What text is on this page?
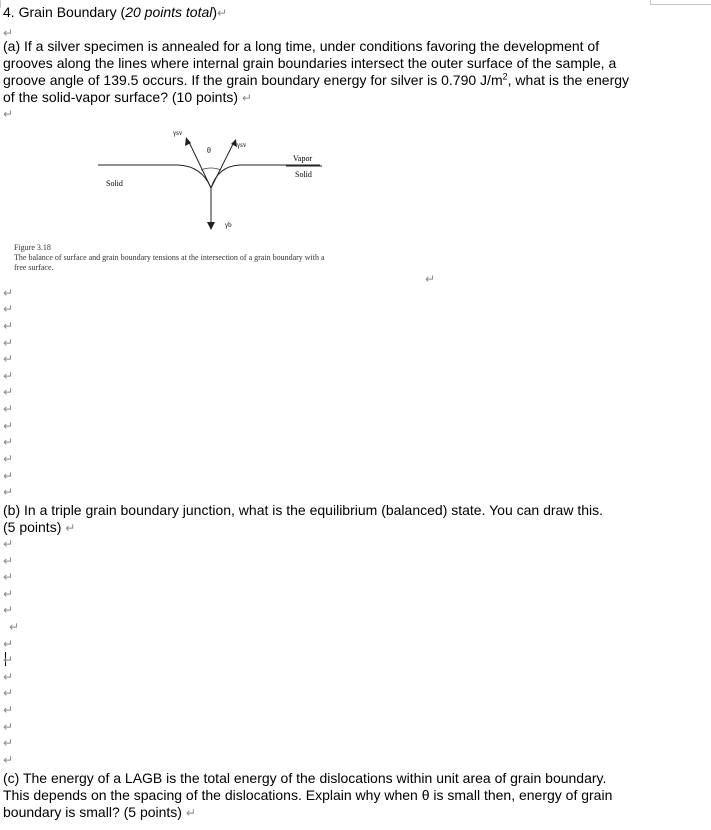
4. Grain Boundary (20 points total)↵
↵
(a) If a silver specimen is annealed for a long time, under conditions favoring the development of
grooves along the lines where internal grain boundaries intersect the outer surface of the sample, a
groove angle of 139.5 occurs. If the grain boundary energy for silver is 0.790 $J/m^2$, what is the energy
of the solid-vapor surface? (10 points) ↵
↵
γsv
γsv
θ
Vapor
Solid
Solid
γb
Figure 3.18
The balance of surface and grain boundary tensions at the intersection of a grain boundary with a
free surface.
↵
↵
↵
↵
↵
↵
↵
↵
↵
↵
↵
↵
↵
↵
(b) In a triple grain boundary junction, what is the equilibrium (balanced) state. You can draw this.
(5 points) ↵
↵
↵
↵
↵
↵
↵
↵
↵
↵
↵
↵
↵
↵
↵
(c) The energy of a LAGB is the total energy of the dislocations within unit area of grain boundary.
This depends on the spacing of the dislocations. Explain why when θ is small then, energy of grain
boundary is small? (5 points) ↵
